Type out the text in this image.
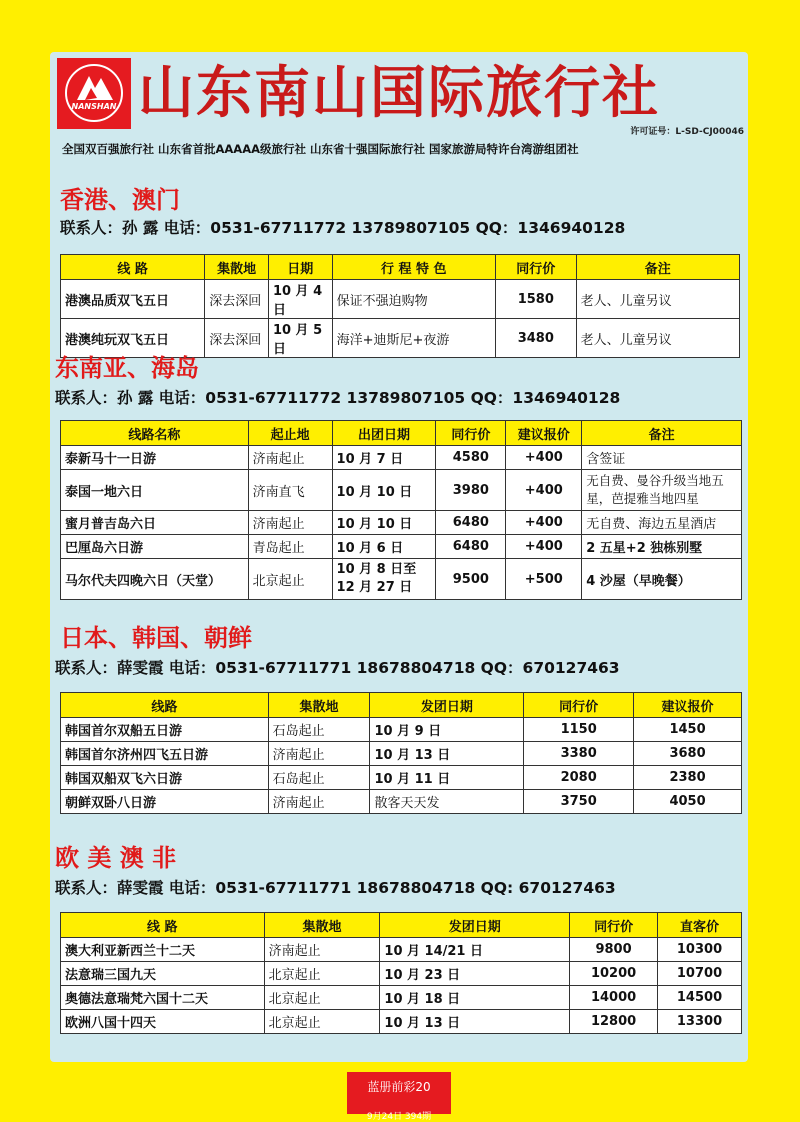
NANSHAN 山东南山国际旅行社
许可证号：L-SD-CJ00046
全国双百强旅行社 山东省首批AAAAA级旅行社 山东省十强国际旅行社 国家旅游局特许台湾游组团社
香港、澳门
联系人：孙 露 电话：0531-67711772 13789807105 QQ：1346940128
线 路	集散地	日期	行 程 特 色	同行价	备注
港澳品质双飞五日	深去深回	10 月 4 日	保证不强迫购物	1580	老人、儿童另议
港澳纯玩双飞五日	深去深回	10 月 5 日	海洋+迪斯尼+夜游	3480	老人、儿童另议
东南亚、海岛
联系人：孙 露 电话：0531-67711772 13789807105 QQ：1346940128
线路名称	起止地	出团日期	同行价	建议报价	备注
泰新马十一日游	济南起止	10 月 7 日	4580	+400	含签证
泰国一地六日	济南直飞	10 月 10 日	3980	+400	无自费、曼谷升级当地五星，芭提雅当地四星
蜜月普吉岛六日	济南起止	10 月 10 日	6480	+400	无自费、海边五星酒店
巴厘岛六日游	青岛起止	10 月 6 日	6480	+400	2 五星+2 独栋别墅
马尔代夫四晚六日（天堂）	北京起止	10 月 8 日至 12 月 27 日	9500	+500	4 沙屋（早晚餐）
日本、韩国、朝鲜
联系人：薛雯霞 电话：0531-67711771 18678804718 QQ：670127463
线路	集散地	发团日期	同行价	建议报价
韩国首尔双船五日游	石岛起止	10 月 9 日	1150	1450
韩国首尔济州四飞五日游	济南起止	10 月 13 日	3380	3680
韩国双船双飞六日游	石岛起止	10 月 11 日	2080	2380
朝鲜双卧八日游	济南起止	散客天天发	3750	4050
欧 美 澳 非
联系人：薛雯霞 电话：0531-67711771 18678804718 QQ: 670127463
线 路	集散地	发团日期	同行价	直客价
澳大利亚新西兰十二天	济南起止	10 月 14/21 日	9800	10300
法意瑞三国九天	北京起止	10 月 23 日	10200	10700
奥德法意瑞梵六国十二天	北京起止	10 月 18 日	14000	14500
欧洲八国十四天	北京起止	10 月 13 日	12800	13300
蓝册前彩20
9月24日 394期
